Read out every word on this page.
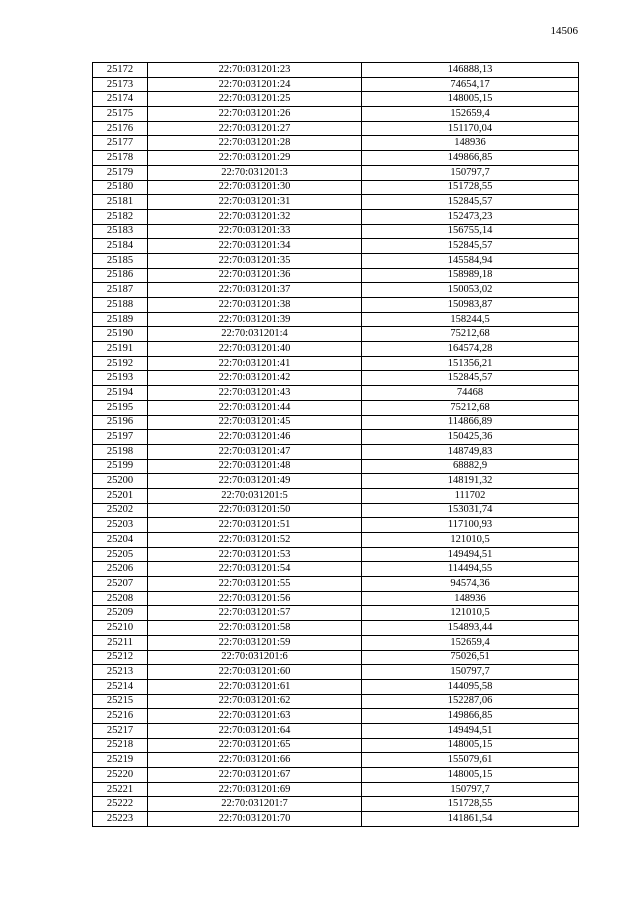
14506
25172	22:70:031201:23	146888,13
25173	22:70:031201:24	74654,17
25174	22:70:031201:25	148005,15
25175	22:70:031201:26	152659,4
25176	22:70:031201:27	151170,04
25177	22:70:031201:28	148936
25178	22:70:031201:29	149866,85
25179	22:70:031201:3	150797,7
25180	22:70:031201:30	151728,55
25181	22:70:031201:31	152845,57
25182	22:70:031201:32	152473,23
25183	22:70:031201:33	156755,14
25184	22:70:031201:34	152845,57
25185	22:70:031201:35	145584,94
25186	22:70:031201:36	158989,18
25187	22:70:031201:37	150053,02
25188	22:70:031201:38	150983,87
25189	22:70:031201:39	158244,5
25190	22:70:031201:4	75212,68
25191	22:70:031201:40	164574,28
25192	22:70:031201:41	151356,21
25193	22:70:031201:42	152845,57
25194	22:70:031201:43	74468
25195	22:70:031201:44	75212,68
25196	22:70:031201:45	114866,89
25197	22:70:031201:46	150425,36
25198	22:70:031201:47	148749,83
25199	22:70:031201:48	68882,9
25200	22:70:031201:49	148191,32
25201	22:70:031201:5	111702
25202	22:70:031201:50	153031,74
25203	22:70:031201:51	117100,93
25204	22:70:031201:52	121010,5
25205	22:70:031201:53	149494,51
25206	22:70:031201:54	114494,55
25207	22:70:031201:55	94574,36
25208	22:70:031201:56	148936
25209	22:70:031201:57	121010,5
25210	22:70:031201:58	154893,44
25211	22:70:031201:59	152659,4
25212	22:70:031201:6	75026,51
25213	22:70:031201:60	150797,7
25214	22:70:031201:61	144095,58
25215	22:70:031201:62	152287,06
25216	22:70:031201:63	149866,85
25217	22:70:031201:64	149494,51
25218	22:70:031201:65	148005,15
25219	22:70:031201:66	155079,61
25220	22:70:031201:67	148005,15
25221	22:70:031201:69	150797,7
25222	22:70:031201:7	151728,55
25223	22:70:031201:70	141861,54
